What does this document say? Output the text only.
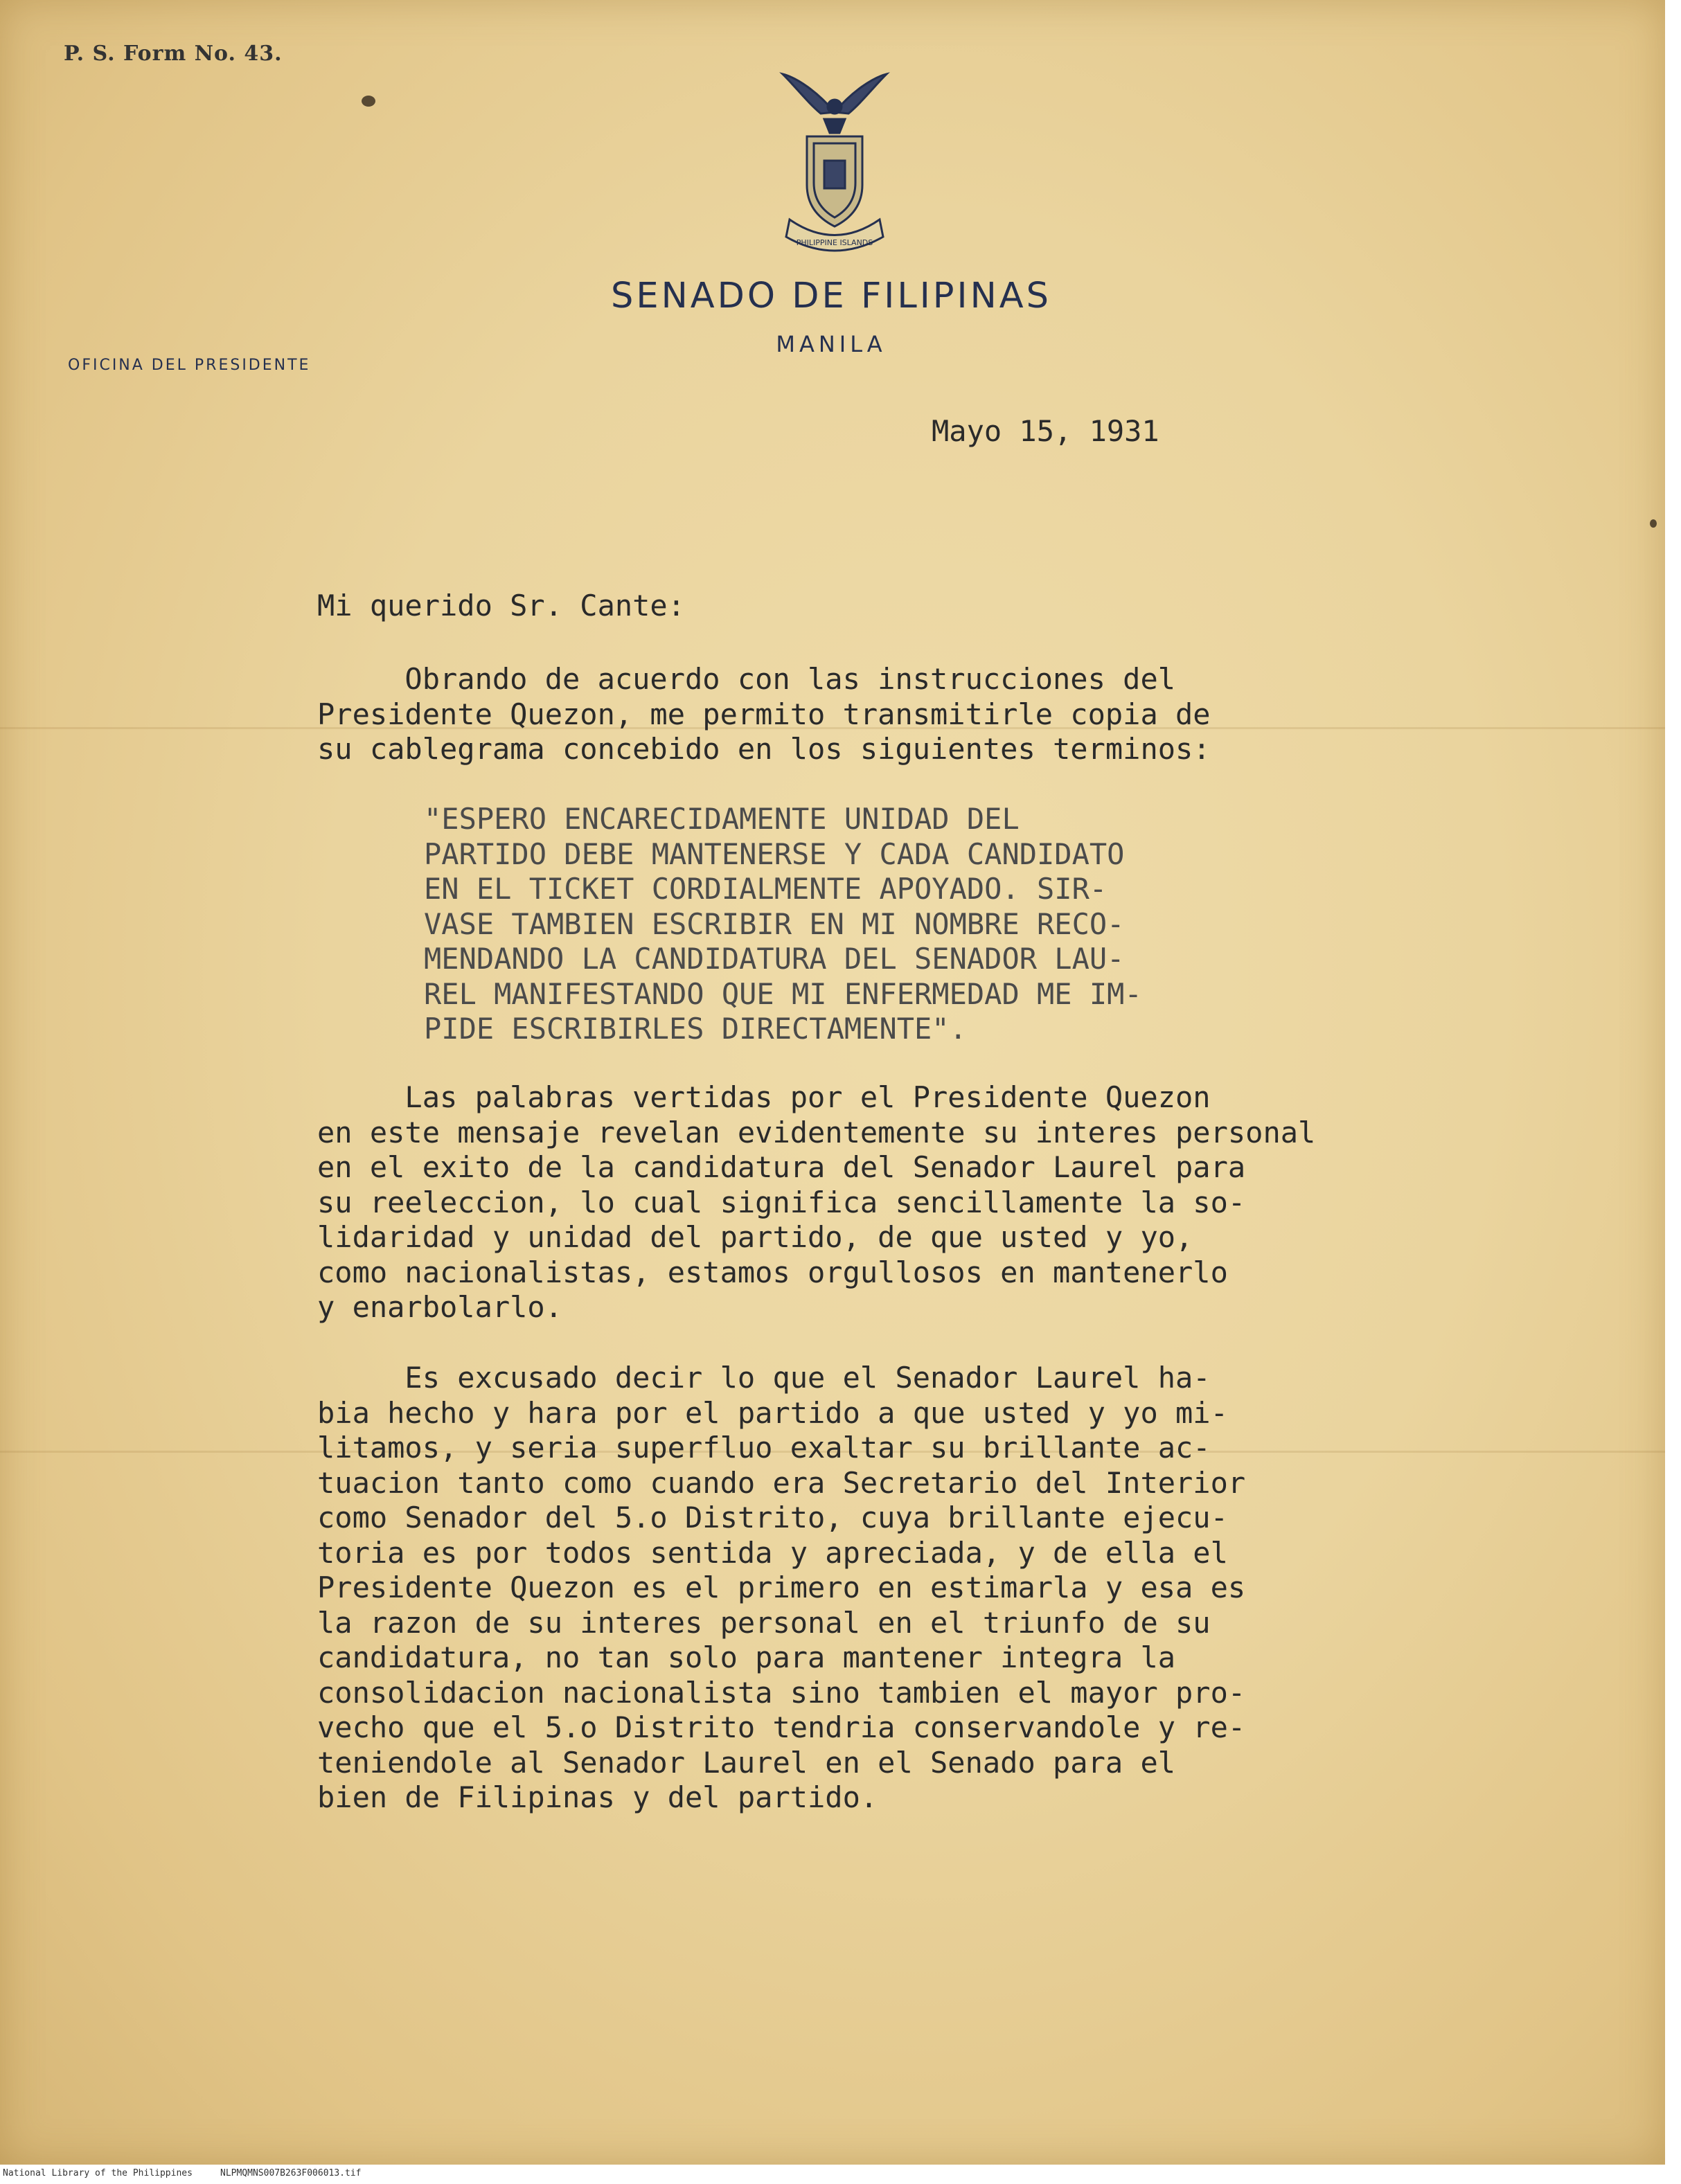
P. S. Form No. 43.
PHILIPPINE ISLANDS
SENADO DE FILIPINAS
MANILA
OFICINA DEL PRESIDENTE
Mayo 15, 1931
Mi querido Sr. Cante:
Obrando de acuerdo con las instrucciones del
Presidente Quezon, me permito transmitirle copia de
su cablegrama concebido en los siguientes terminos:
"ESPERO ENCARECIDAMENTE UNIDAD DEL
PARTIDO DEBE MANTENERSE Y CADA CANDIDATO
EN EL TICKET CORDIALMENTE APOYADO. SIR-
VASE TAMBIEN ESCRIBIR EN MI NOMBRE RECO-
MENDANDO LA CANDIDATURA DEL SENADOR LAU-
REL MANIFESTANDO QUE MI ENFERMEDAD ME IM-
PIDE ESCRIBIRLES DIRECTAMENTE".
Las palabras vertidas por el Presidente Quezon
en este mensaje revelan evidentemente su interes personal
en el exito de la candidatura del Senador Laurel para
su reeleccion, lo cual significa sencillamente la so-
lidaridad y unidad del partido, de que usted y yo,
como nacionalistas, estamos orgullosos en mantenerlo
y enarbolarlo.
Es excusado decir lo que el Senador Laurel ha-
bia hecho y hara por el partido a que usted y yo mi-
litamos, y seria superfluo exaltar su brillante ac-
tuacion tanto como cuando era Secretario del Interior
como Senador del 5.o Distrito, cuya brillante ejecu-
toria es por todos sentida y apreciada, y de ella el
Presidente Quezon es el primero en estimarla y esa es
la razon de su interes personal en el triunfo de su
candidatura, no tan solo para mantener integra la
consolidacion nacionalista sino tambien el mayor pro-
vecho que el 5.o Distrito tendria conservandole y re-
teniendole al Senador Laurel en el Senado para el
bien de Filipinas y del partido.
National Library of the Philippines	NLPMQMNS007B263F006013.tif
